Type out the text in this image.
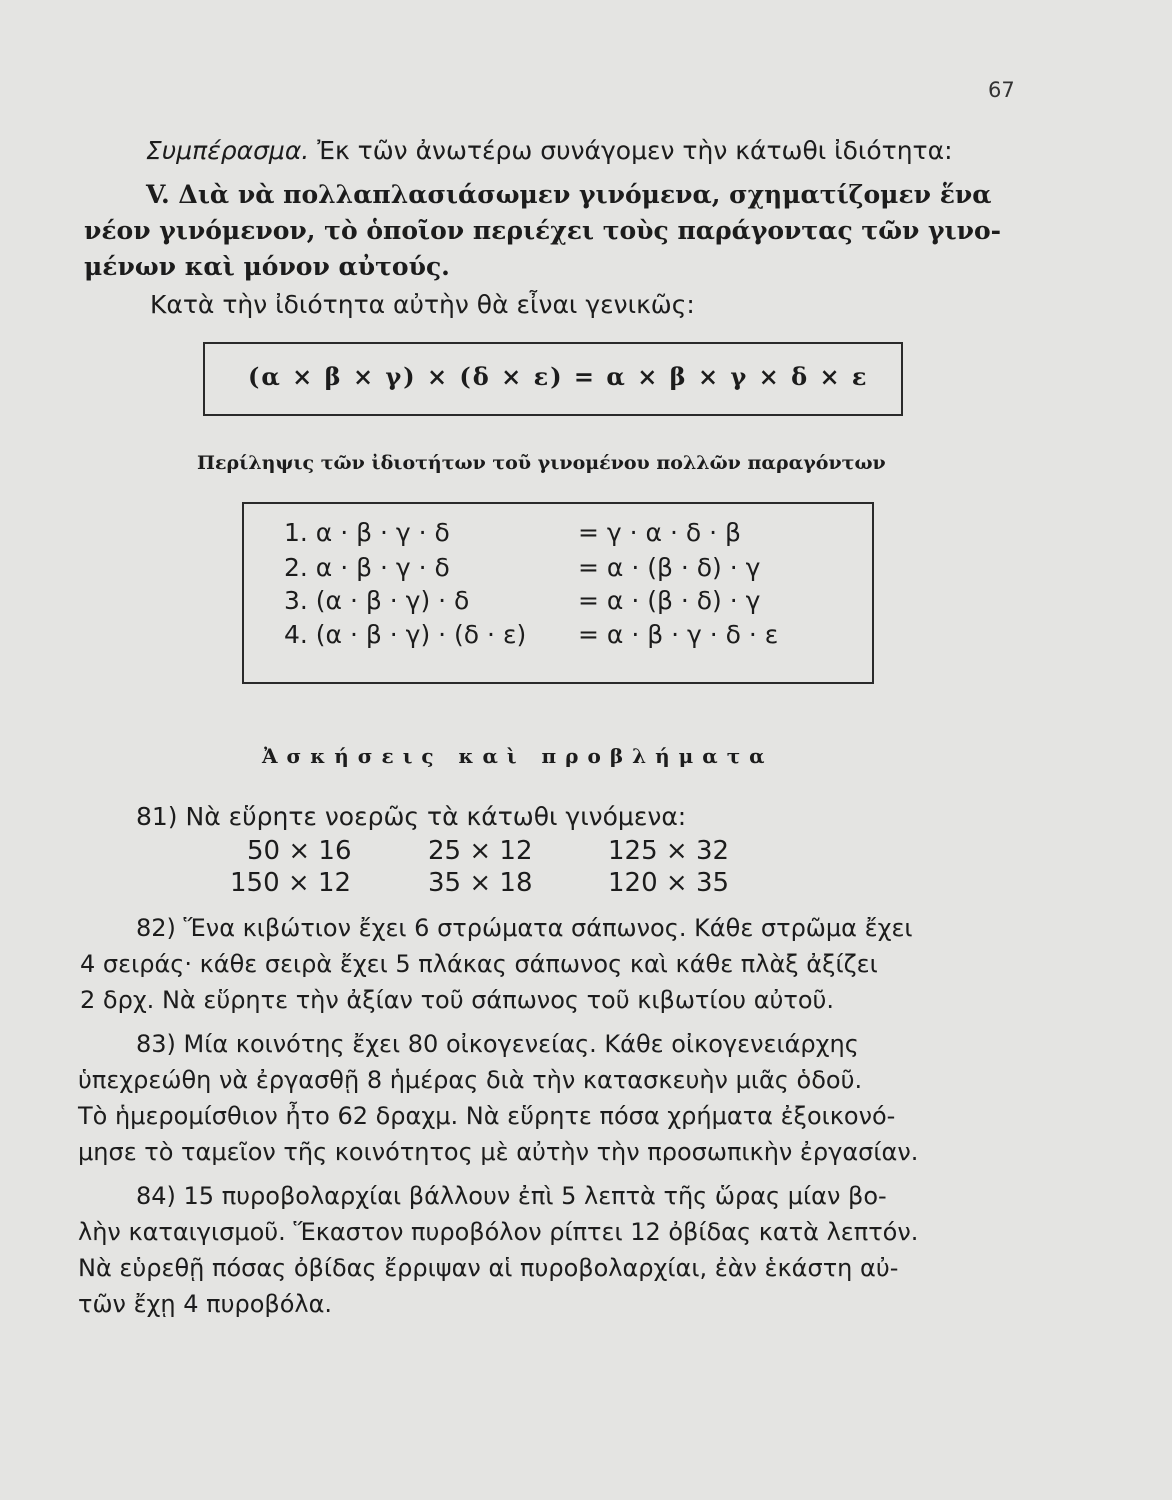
67
Συμπέρασμα. Ἐκ τῶν ἀνωτέρω συνάγομεν τὴν κάτωθι ἰδιότητα:
V. Διὰ νὰ πολλαπλασιάσωμεν γινόμενα, σχηματίζομεν ἕνα
νέον γινόμενον, τὸ ὁποῖον περιέχει τοὺς παράγοντας τῶν γινο-
μένων καὶ μόνον αὐτούς.
Κατὰ τὴν ἰδιότητα αὐτὴν θὰ εἶναι γενικῶς:
(α × β × γ) × (δ × ε) = α × β × γ × δ × ε
Περίληψις τῶν ἰδιοτήτων τοῦ γινομένου πολλῶν παραγόντων
1. α · β · γ · δ	= γ · α · δ · β
2. α · β · γ · δ	= α · (β · δ) · γ
3. (α · β · γ) · δ	= α · (β · δ) · γ
4. (α · β · γ) · (δ · ε) = α · β · γ · δ · ε
Ἀσκήσεις καὶ προβλήματα
81) Νὰ εὕρητε νοερῶς τὰ κάτωθι γινόμενα:
50 × 16	25 × 12	125 × 32
150 × 12	35 × 18	120 × 35
82) Ἕνα κιβώτιον ἔχει 6 στρώματα σάπωνος. Κάθε στρῶμα ἔχει
4 σειράς· κάθε σειρὰ ἔχει 5 πλάκας σάπωνος καὶ κάθε πλὰξ ἀξίζει
2 δρχ. Νὰ εὕρητε τὴν ἀξίαν τοῦ σάπωνος τοῦ κιβωτίου αὐτοῦ.
83) Μία κοινότης ἔχει 80 οἰκογενείας. Κάθε οἰκογενειάρχης
ὑπεχρεώθη νὰ ἐργασθῇ 8 ἡμέρας διὰ τὴν κατασκευὴν μιᾶς ὁδοῦ.
Τὸ ἡμερομίσθιον ἦτο 62 δραχμ. Νὰ εὕρητε πόσα χρήματα ἐξοικονό-
μησε τὸ ταμεῖον τῆς κοινότητος μὲ αὐτὴν τὴν προσωπικὴν ἐργασίαν.
84) 15 πυροβολαρχίαι βάλλουν ἐπὶ 5 λεπτὰ τῆς ὥρας μίαν βο-
λὴν καταιγισμοῦ. Ἕκαστον πυροβόλον ρίπτει 12 ὀβίδας κατὰ λεπτόν.
Νὰ εὑρεθῇ πόσας ὀβίδας ἔρριψαν αἱ πυροβολαρχίαι, ἐὰν ἑκάστη αὐ-
τῶν ἔχῃ 4 πυροβόλα.
